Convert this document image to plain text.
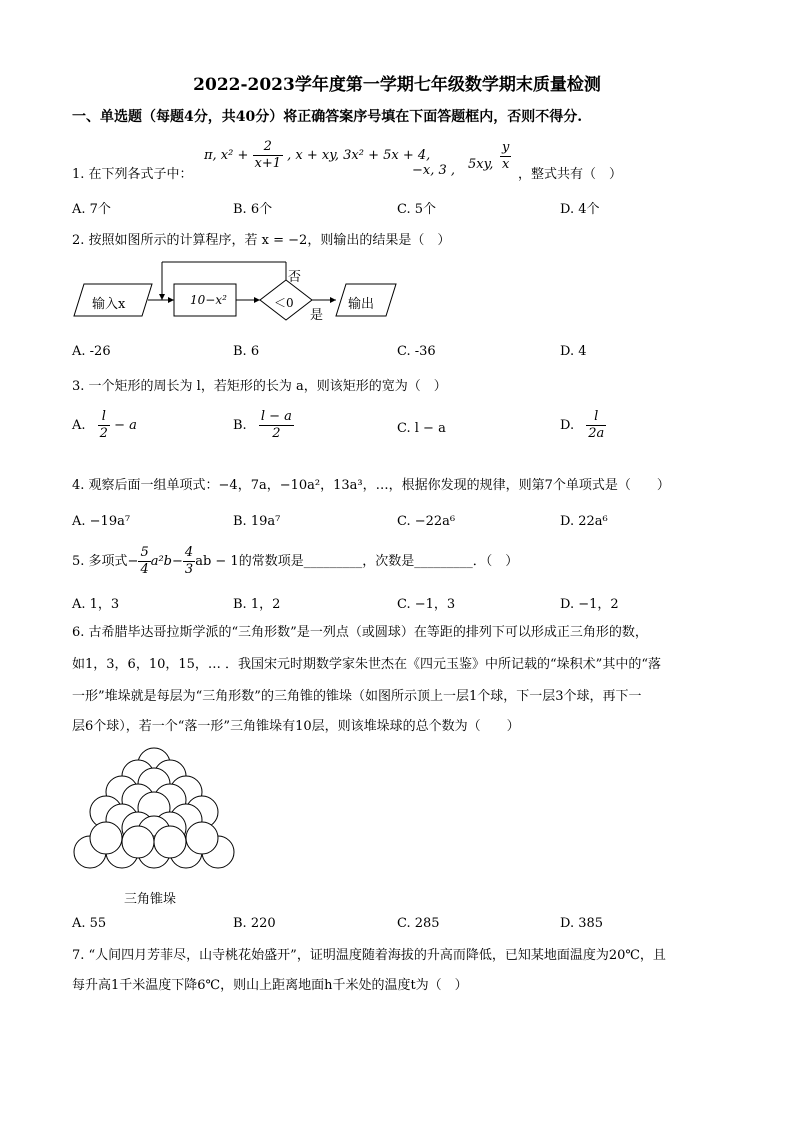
2022-2023学年度第一学期七年级数学期末质量检测
一、单选题（每题4分，共40分）将正确答案序号填在下面答题框内，否则不得分.
1. 在下列各式子中：
π, $x^2 + \frac{2}{x+1}$ , x + xy, 3x² + 5x + 4,
−x, 3 , 5xy, $\frac{y}{x}$
，整式共有（　）
A. 7个	B. 6个	C. 5个	D. 4个
2. 按照如图所示的计算程序，若 x = −2，则输出的结果是（　）
输入x	10−x²	＜0
否
是
输出
A. -26	B. 6	C. -36	D. 4
3. 一个矩形的周长为 l，若矩形的长为 a，则该矩形的宽为（　）
A. $\frac{l}{2} - a$	B. $\frac{l - a}{2}$	C. l − a	D. $\frac{l}{2a}$
4. 观察后面一组单项式：−4，7a，−10a²，13a³，…，根据你发现的规律，则第7个单项式是（　　）
A. −19a⁷	B. 19a⁷	C. −22a⁶	D. 22a⁶
5. 多项式− $\frac{5}{4} a^2b- \frac{4}{3}$ ab − 1的常数项是_________，次数是_________．（　）
A. 1，3	B. 1，2	C. −1，3	D. −1，2
6. 古希腊毕达哥拉斯学派的“三角形数”是一列点（或圆球）在等距的排列下可以形成正三角形的数，
如1，3，6，10，15，… ．我国宋元时期数学家朱世杰在《四元玉鉴》中所记载的“垛积术”其中的“落
一形”堆垛就是每层为“三角形数”的三角锥的锥垛（如图所示顶上一层1个球，下一层3个球，再下一
层6个球），若一个“落一形”三角锥垛有10层，则该堆垛球的总个数为（　　）
三角锥垛
A. 55	B. 220	C. 285	D. 385
7. “人间四月芳菲尽，山寺桃花始盛开”，证明温度随着海拔的升高而降低，已知某地面温度为20℃，且
每升高1千米温度下降6℃，则山上距离地面h千米处的温度t为（　）
